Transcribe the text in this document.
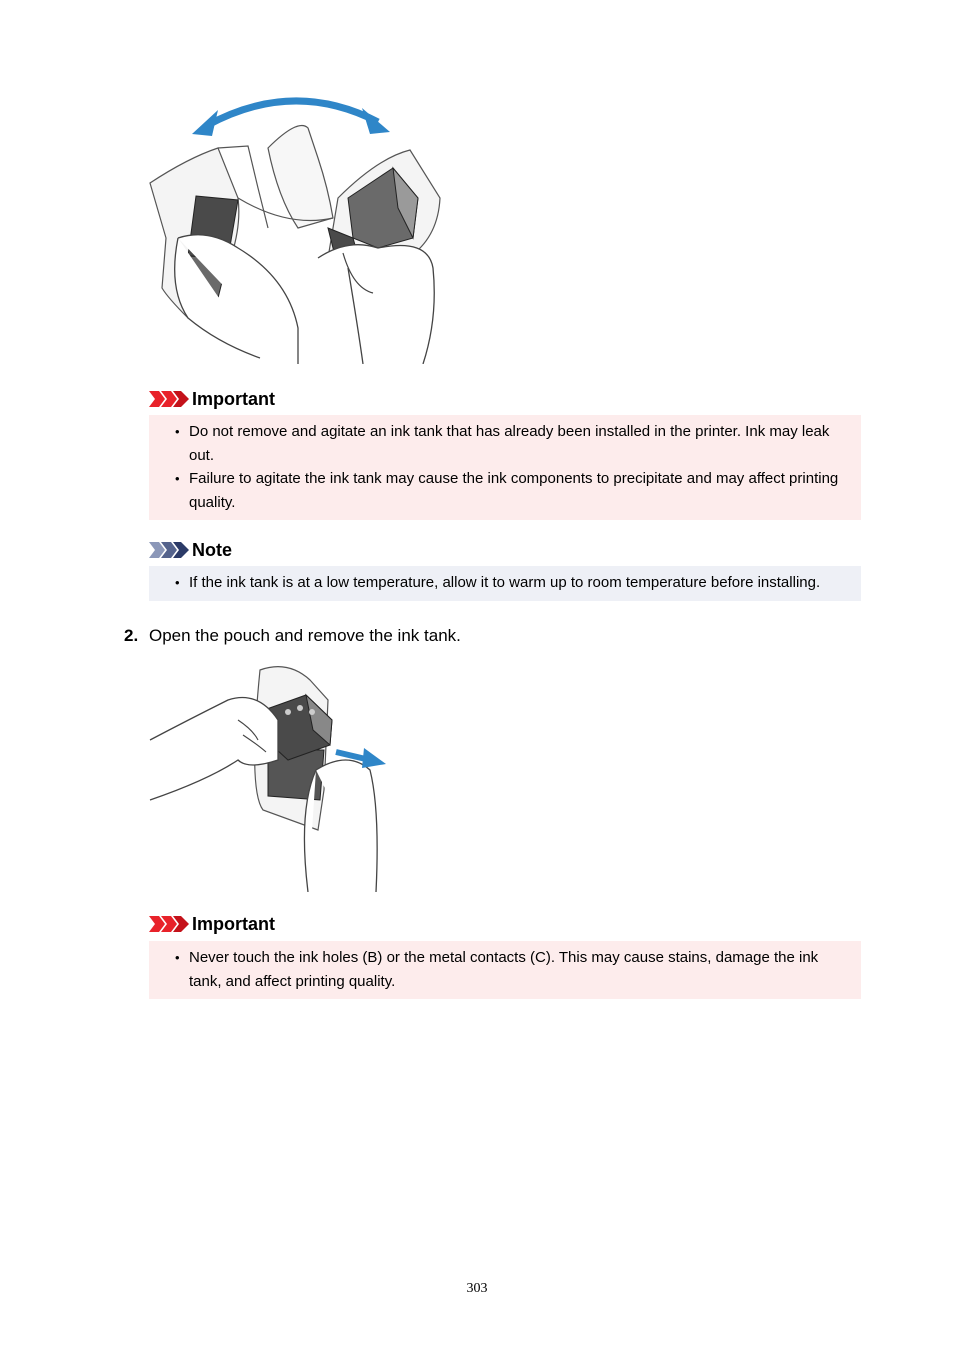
Important
• Do not remove and agitate an ink tank that has already been installed in the printer. Ink may leak out.
• Failure to agitate the ink tank may cause the ink components to precipitate and may affect printing quality.
Note
• If the ink tank is at a low temperature, allow it to warm up to room temperature before installing.
2. Open the pouch and remove the ink tank.
Important
• Never touch the ink holes (B) or the metal contacts (C). This may cause stains, damage the ink tank, and affect printing quality.
303
